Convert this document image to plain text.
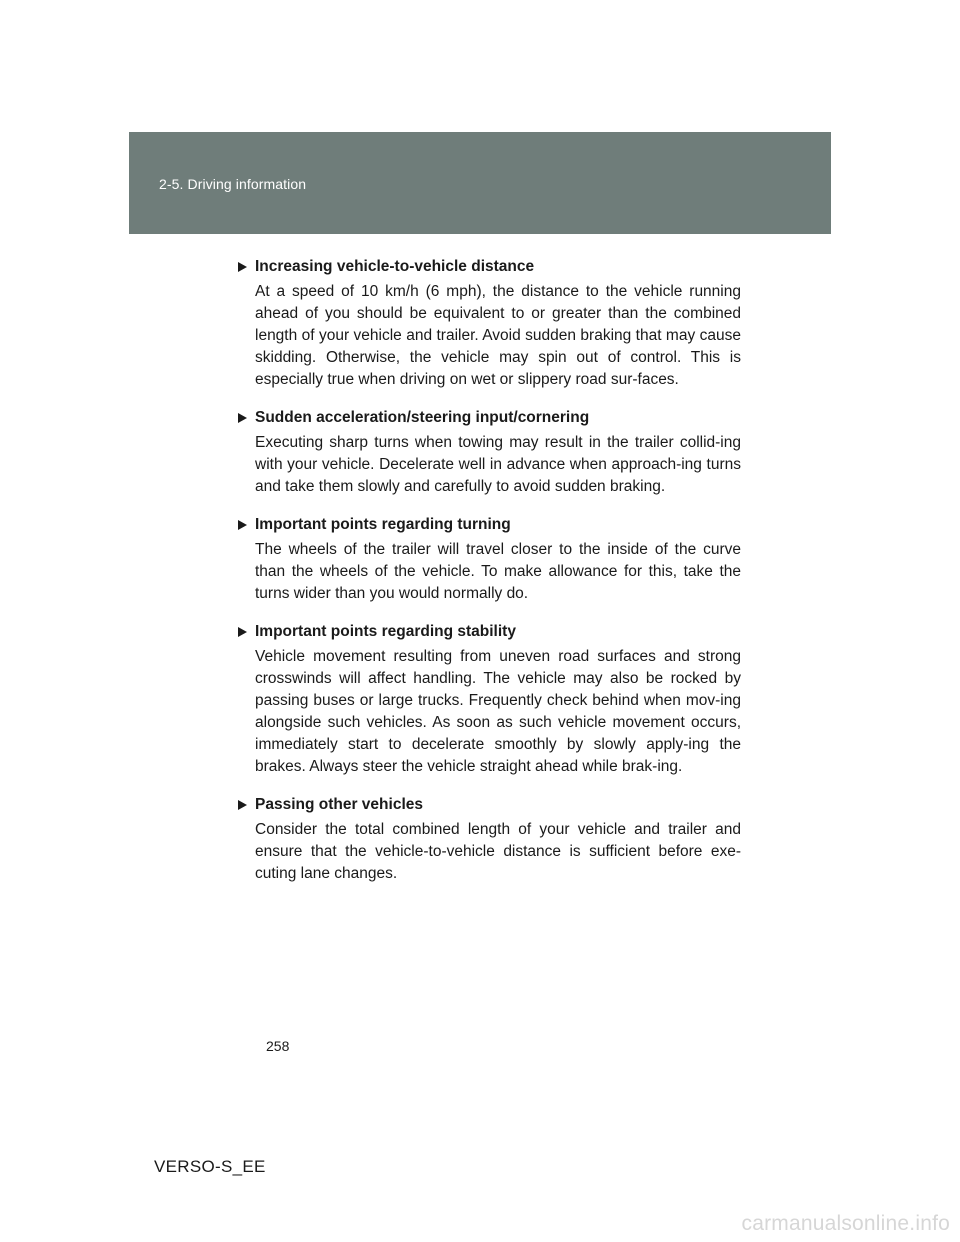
2-5. Driving information
Increasing vehicle-to-vehicle distance
At a speed of 10 km/h (6 mph), the distance to the vehicle running ahead of you should be equivalent to or greater than the combined length of your vehicle and trailer. Avoid sudden braking that may cause skidding. Otherwise, the vehicle may spin out of control. This is especially true when driving on wet or slippery road sur-faces.
Sudden acceleration/steering input/cornering
Executing sharp turns when towing may result in the trailer collid-ing with your vehicle. Decelerate well in advance when approach-ing turns and take them slowly and carefully to avoid sudden braking.
Important points regarding turning
The wheels of the trailer will travel closer to the inside of the curve than the wheels of the vehicle. To make allowance for this, take the turns wider than you would normally do.
Important points regarding stability
Vehicle movement resulting from uneven road surfaces and strong crosswinds will affect handling. The vehicle may also be rocked by passing buses or large trucks. Frequently check behind when mov-ing alongside such vehicles. As soon as such vehicle movement occurs, immediately start to decelerate smoothly by slowly apply-ing the brakes. Always steer the vehicle straight ahead while brak-ing.
Passing other vehicles
Consider the total combined length of your vehicle and trailer and ensure that the vehicle-to-vehicle distance is sufficient before exe-cuting lane changes.
258
VERSO-S_EE
carmanualsonline.info
